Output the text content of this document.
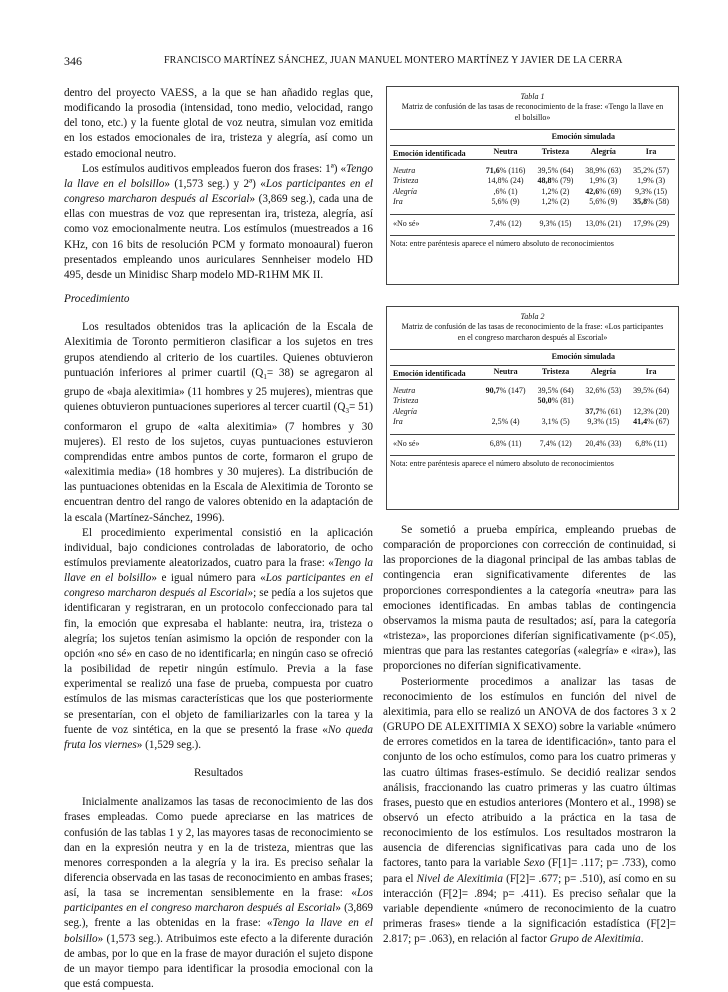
346	FRANCISCO MARTÍNEZ SÁNCHEZ, JUAN MANUEL MONTERO MARTÍNEZ Y JAVIER DE LA CERRA

dentro del proyecto VAESS, a la que se han añadido reglas que, modificando la prosodia (intensidad, tono medio, velocidad, rango del tono, etc.) y la fuente glotal de voz neutra, simulan voz emitida en los estados emocionales de ira, tristeza y alegría, así como un estado emocional neutro.

Los estímulos auditivos empleados fueron dos frases: 1ª) «Tengo la llave en el bolsillo» (1,573 seg.) y 2ª) «Los participantes en el congreso marcharon después al Escorial» (3,869 seg.), cada una de ellas con muestras de voz que representan ira, tristeza, alegría, así como voz emocionalmente neutra. Los estímulos (muestreados a 16 KHz, con 16 bits de resolución PCM y formato monoaural) fueron presentados empleando unos auriculares Sennheiser modelo HD 495, desde un Minidisc Sharp modelo MD-R1HM MK II.

Procedimiento

Los resultados obtenidos tras la aplicación de la Escala de Alexitimia de Toronto permitieron clasificar a los sujetos en tres grupos atendiendo al criterio de los cuartiles. Quienes obtuvieron puntuación inferiores al primer cuartil $(Q_1= 38)$ se agregaron al grupo de «baja alexitimia» (11 hombres y 25 mujeres), mientras que quienes obtuvieron puntuaciones superiores al tercer cuartil $(Q_3= 51)$ conformaron el grupo de «alta alexitimia» (7 hombres y 30 mujeres). El resto de los sujetos, cuyas puntuaciones estuvieron comprendidas entre ambos puntos de corte, formaron el grupo de «alexitimia media» (18 hombres y 30 mujeres). La distribución de las puntuaciones obtenidas en la Escala de Alexitimia de Toronto se encuentran dentro del rango de valores obtenido en la adaptación de la escala (Martínez-Sánchez, 1996).

El procedimiento experimental consistió en la aplicación individual, bajo condiciones controladas de laboratorio, de ocho estímulos previamente aleatorizados, cuatro para la frase: «Tengo la llave en el bolsillo» e igual número para «Los participantes en el congreso marcharon después al Escorial»; se pedía a los sujetos que identificaran y registraran, en un protocolo confeccionado para tal fin, la emoción que expresaba el hablante: neutra, ira, tristeza o alegría; los sujetos tenían asimismo la opción de responder con la opción «no sé» en caso de no identificarla; en ningún caso se ofreció la posibilidad de repetir ningún estímulo. Previa a la fase experimental se realizó una fase de prueba, compuesta por cuatro estímulos de las mismas características que los que posteriormente se presentarían, con el objeto de familiarizarles con la tarea y la fuente de voz sintética, en la que se presentó la frase «No queda fruta los viernes» (1,529 seg.).

Resultados

Inicialmente analizamos las tasas de reconocimiento de las dos frases empleadas. Como puede apreciarse en las matrices de confusión de las tablas 1 y 2, las mayores tasas de reconocimiento se dan en la expresión neutra y en la de tristeza, mientras que las menores corresponden a la alegría y la ira. Es preciso señalar la diferencia observada en las tasas de reconocimiento en ambas frases; así, la tasa se incrementan sensiblemente en la frase: «Los participantes en el congreso marcharon después al Escorial» (3,869 seg.), frente a las obtenidas en la frase: «Tengo la llave en el bolsillo» (1,573 seg.). Atribuimos este efecto a la diferente duración de ambas, por lo que en la frase de mayor duración el sujeto dispone de un mayor tiempo para identificar la prosodia emocional con la que está compuesta.

Tabla 1
Matriz de confusión de las tasas de reconocimiento de la frase: «Tengo la llave en el bolsillo»
Emoción simulada
Emoción identificada	Neutra	Tristeza	Alegría	Ira

Neutra	71,6% (116)	39,5% (64)	38,9% (63)	35,2% (57)
Tristeza	14,8% (24)	48,8% (79)	1,9% (3)	1,9% (3)
Alegría	,6% (1)	1,2% (2)	42,6% (69)	9,3% (15)
Ira	5,6% (9)	1,2% (2)	5,6% (9)	35,8% (58)

«No sé»	7,4% (12)	9,3% (15)	13,0% (21)	17,9% (29)
Nota: entre paréntesis aparece el número absoluto de reconocimientos
Tabla 2
Matriz de confusión de las tasas de reconocimiento de la frase: «Los participantes en el congreso marcharon después al Escorial»
Emoción simulada
Emoción identificada	Neutra	Tristeza	Alegría	Ira

Neutra	90,7% (147)	39,5% (64)	32,6% (53)	39,5% (64)
Tristeza		50,0% (81)		
Alegría			37,7% (61)	12,3% (20)
Ira	2,5% (4)	3,1% (5)	9,3% (15)	41,4% (67)

«No sé»	6,8% (11)	7,4% (12)	20,4% (33)	6,8% (11)
Nota: entre paréntesis aparece el número absoluto de reconocimientos

Se sometió a prueba empírica, empleando pruebas de comparación de proporciones con corrección de continuidad, si las proporciones de la diagonal principal de las ambas tablas de contingencia eran significativamente diferentes de las proporciones correspondientes a la categoría «neutra» para las emociones identificadas. En ambas tablas de contingencia observamos la misma pauta de resultados; así, para la categoría «tristeza», las proporciones diferían significativamente (p<.05), mientras que para las restantes categorías («alegría» e «ira»), las proporciones no diferían significativamente.

Posteriormente procedimos a analizar las tasas de reconocimiento de los estímulos en función del nivel de alexitimia, para ello se realizó un ANOVA de dos factores 3 x 2 (GRUPO DE ALEXITIMIA X SEXO) sobre la variable «número de errores cometidos en la tarea de identificación», tanto para el conjunto de los ocho estímulos, como para los cuatro primeras y las cuatro últimas frases-estímulo. Se decidió realizar sendos análisis, fraccionando las cuatro primeras y las cuatro últimas frases, puesto que en estudios anteriores (Montero et al., 1998) se observó un efecto atribuido a la práctica en la tasa de reconocimiento de los estímulos. Los resultados mostraron la ausencia de diferencias significativas para cada uno de los factores, tanto para la variable Sexo (F[1]= .117; p= .733), como para el Nivel de Alexitimia (F[2]= .677; p= .510), así como en su interacción (F[2]= .894; p= .411). Es preciso señalar que la variable dependiente «número de reconocimiento de la cuatro primeras frases» tiende a la significación estadística (F[2]= 2.817; p= .063), en relación al factor Grupo de Alexitimia.
